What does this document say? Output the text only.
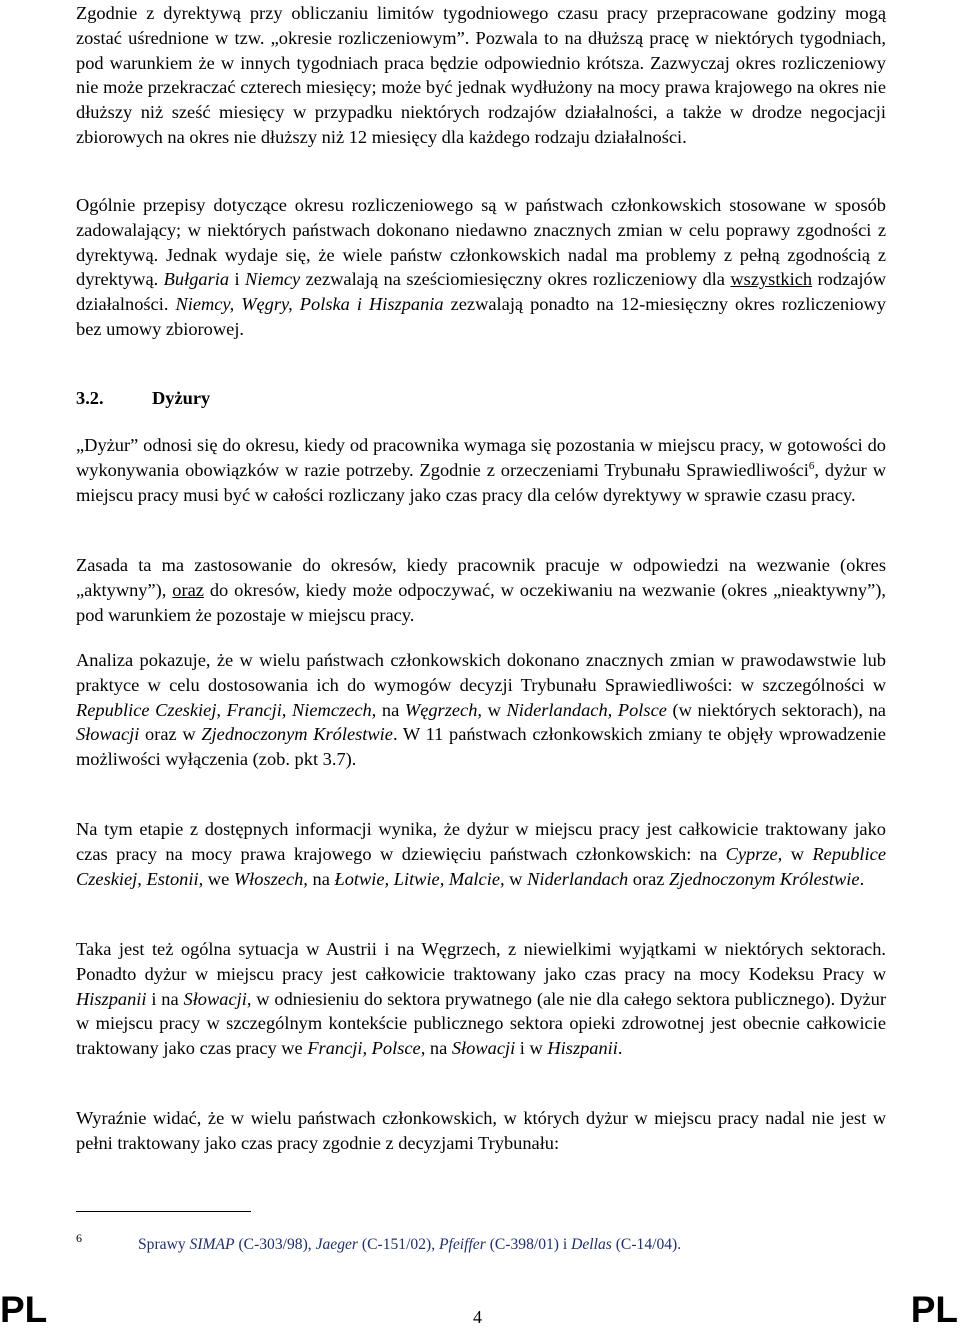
Zgodnie z dyrektywą przy obliczaniu limitów tygodniowego czasu pracy przepracowane godziny mogą zostać uśrednione w tzw. „okresie rozliczeniowym”. Pozwala to na dłuższą pracę w niektórych tygodniach, pod warunkiem że w innych tygodniach praca będzie odpowiednio krótsza. Zazwyczaj okres rozliczeniowy nie może przekraczać czterech miesięcy; może być jednak wydłużony na mocy prawa krajowego na okres nie dłuższy niż sześć miesięcy w przypadku niektórych rodzajów działalności, a także w drodze negocjacji zbiorowych na okres nie dłuższy niż 12 miesięcy dla każdego rodzaju działalności.

Ogólnie przepisy dotyczące okresu rozliczeniowego są w państwach członkowskich stosowane w sposób zadowalający; w niektórych państwach dokonano niedawno znacznych zmian w celu poprawy zgodności z dyrektywą. Jednak wydaje się, że wiele państw członkowskich nadal ma problemy z pełną zgodnością z dyrektywą. Bułgaria i Niemcy zezwalają na sześciomiesięczny okres rozliczeniowy dla wszystkich rodzajów działalności. Niemcy, Węgry, Polska i Hiszpania zezwalają ponadto na 12-miesięczny okres rozliczeniowy bez umowy zbiorowej.

3.2.	Dyżury

„Dyżur” odnosi się do okresu, kiedy od pracownika wymaga się pozostania w miejscu pracy, w gotowości do wykonywania obowiązków w razie potrzeby. Zgodnie z orzeczeniami Trybunału Sprawiedliwości$^6$, dyżur w miejscu pracy musi być w całości rozliczany jako czas pracy dla celów dyrektywy w sprawie czasu pracy.

Zasada ta ma zastosowanie do okresów, kiedy pracownik pracuje w odpowiedzi na wezwanie (okres „aktywny”), oraz do okresów, kiedy może odpoczywać, w oczekiwaniu na wezwanie (okres „nieaktywny”), pod warunkiem że pozostaje w miejscu pracy.

Analiza pokazuje, że w wielu państwach członkowskich dokonano znacznych zmian w prawodawstwie lub praktyce w celu dostosowania ich do wymogów decyzji Trybunału Sprawiedliwości: w szczególności w Republice Czeskiej, Francji, Niemczech, na Węgrzech, w Niderlandach, Polsce (w niektórych sektorach), na Słowacji oraz w Zjednoczonym Królestwie. W 11 państwach członkowskich zmiany te objęły wprowadzenie możliwości wyłączenia (zob. pkt 3.7).

Na tym etapie z dostępnych informacji wynika, że dyżur w miejscu pracy jest całkowicie traktowany jako czas pracy na mocy prawa krajowego w dziewięciu państwach członkowskich: na Cyprze, w Republice Czeskiej, Estonii, we Włoszech, na Łotwie, Litwie, Malcie, w Niderlandach oraz Zjednoczonym Królestwie.

Taka jest też ogólna sytuacja w Austrii i na Węgrzech, z niewielkimi wyjątkami w niektórych sektorach. Ponadto dyżur w miejscu pracy jest całkowicie traktowany jako czas pracy na mocy Kodeksu Pracy w Hiszpanii i na Słowacji, w odniesieniu do sektora prywatnego (ale nie dla całego sektora publicznego). Dyżur w miejscu pracy w szczególnym kontekście publicznego sektora opieki zdrowotnej jest obecnie całkowicie traktowany jako czas pracy we Francji, Polsce, na Słowacji i w Hiszpanii.

Wyraźnie widać, że w wielu państwach członkowskich, w których dyżur w miejscu pracy nadal nie jest w pełni traktowany jako czas pracy zgodnie z decyzjami Trybunału:

6	Sprawy SIMAP (C-303/98), Jaeger (C-151/02), Pfeiffer (C-398/01) i Dellas (C-14/04).
PL	4	PL
